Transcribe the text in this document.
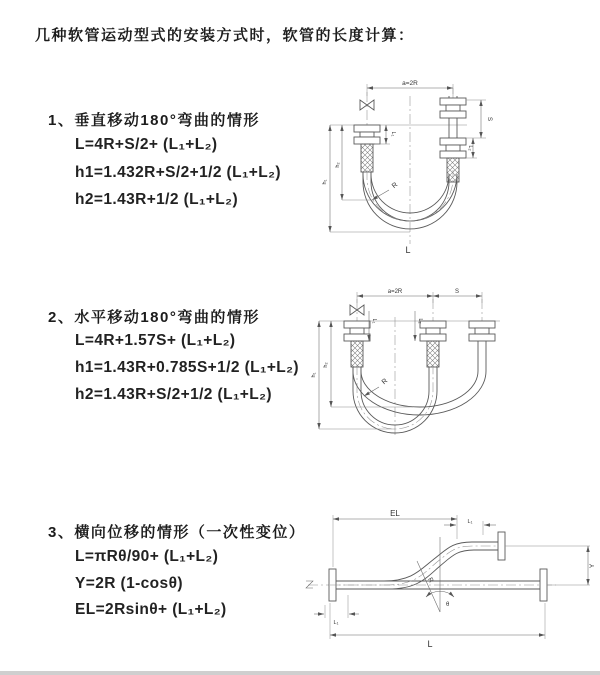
几种软管运动型式的安装方式时，软管的长度计算：
1、垂直移动180°弯曲的情形
L=4R+S/2+ (L₁+L₂)
h1=1.432R+S/2+1/2 (L₁+L₂)
h2=1.43R+1/2 (L₁+L₂)
2、水平移动180°弯曲的情形
L=4R+1.57S+ (L₁+L₂)
h1=1.43R+0.785S+1/2 (L₁+L₂)
h2=1.43R+S/2+1/2 (L₁+L₂)
3、横向位移的情形（一次性变位）
L=πRθ/90+ (L₁+L₂)
Y=2R (1-cosθ)
EL=2Rsinθ+ (L₁+L₂)
a=2R
L₁
S
L₂
R
h₂
h₁
L
a=2R	S
L₁	L₂
R
h₂
h₁
EL
L₁
θ
R
Y
L₁
L
